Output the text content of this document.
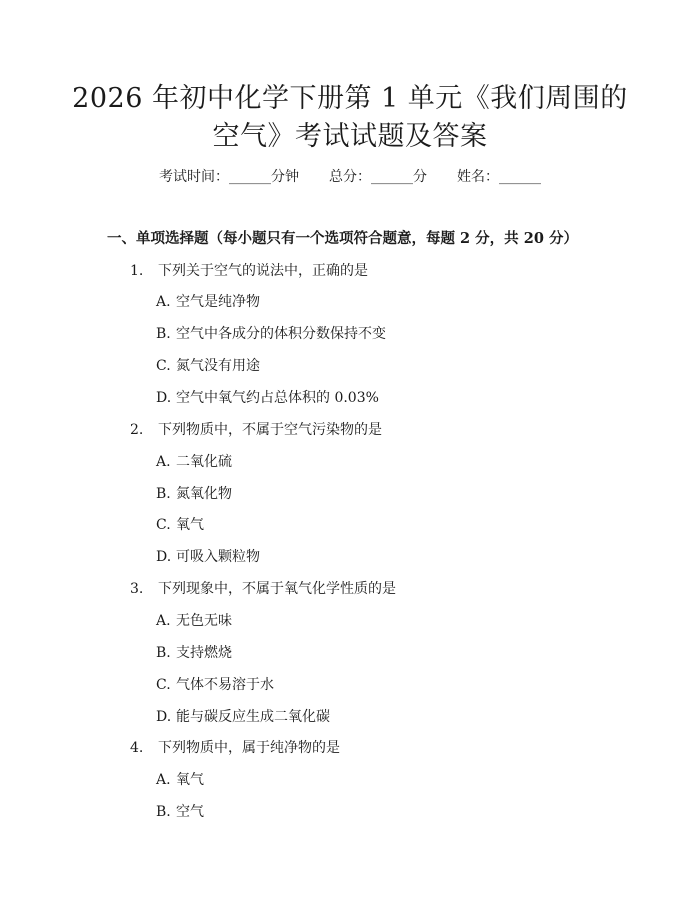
2026 年初中化学下册第 1 单元《我们周围的
空气》考试试题及答案
考试时间：______分钟 总分：______分 姓名：______
一、单项选择题（每小题只有一个选项符合题意，每题 2 分，共 20 分）
1. 下列关于空气的说法中，正确的是
A. 空气是纯净物
B. 空气中各成分的体积分数保持不变
C. 氮气没有用途
D. 空气中氧气约占总体积的 0.03%
2. 下列物质中，不属于空气污染物的是
A. 二氧化硫
B. 氮氧化物
C. 氧气
D. 可吸入颗粒物
3. 下列现象中，不属于氧气化学性质的是
A. 无色无味
B. 支持燃烧
C. 气体不易溶于水
D. 能与碳反应生成二氧化碳
4. 下列物质中，属于纯净物的是
A. 氧气
B. 空气
